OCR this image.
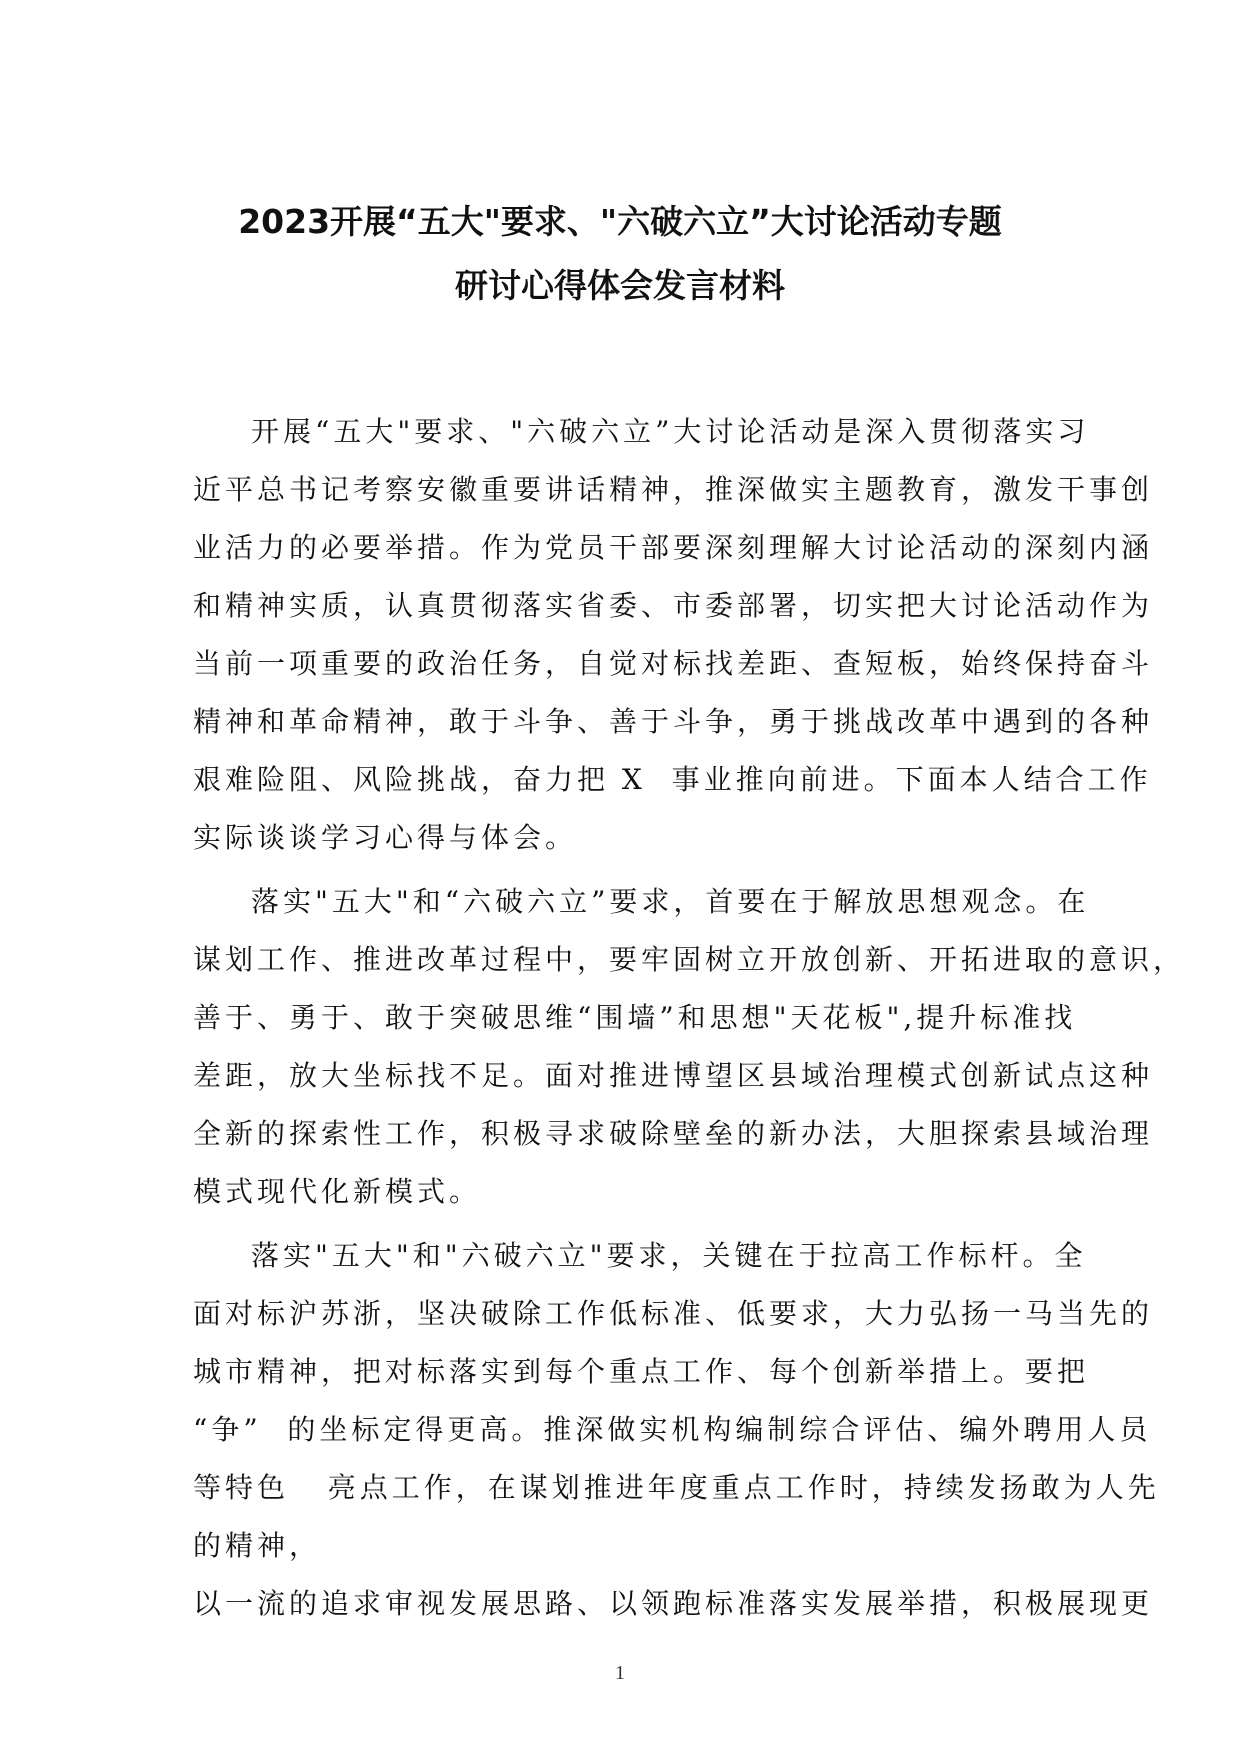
2023开展“五大"要求、"六破六立”大讨论活动专题
研讨心得体会发言材料
开展“五大"要求、"六破六立”大讨论活动是深入贯彻落实习
近平总书记考察安徽重要讲话精神，推深做实主题教育，激发干事创
业活力的必要举措。作为党员干部要深刻理解大讨论活动的深刻内涵
和精神实质，认真贯彻落实省委、市委部署，切实把大讨论活动作为
当前一项重要的政治任务，自觉对标找差距、查短板，始终保持奋斗
精神和革命精神，敢于斗争、善于斗争，勇于挑战改革中遇到的各种
艰难险阻、风险挑战，奋力把 X  事业推向前进。下面本人结合工作
实际谈谈学习心得与体会。
落实"五大"和“六破六立”要求，首要在于解放思想观念。在
谋划工作、推进改革过程中，要牢固树立开放创新、开拓进取的意识，
善于、勇于、敢于突破思维“围墙”和思想"天花板",提升标准找
差距，放大坐标找不足。面对推进博望区县域治理模式创新试点这种
全新的探索性工作，积极寻求破除壁垒的新办法，大胆探索县域治理
模式现代化新模式。
落实"五大"和"六破六立"要求，关键在于拉高工作标杆。全
面对标沪苏浙，坚决破除工作低标准、低要求，大力弘扬一马当先的
城市精神，把对标落实到每个重点工作、每个创新举措上。要把
“争”  的坐标定得更高。推深做实机构编制综合评估、编外聘用人员
等特色   亮点工作，在谋划推进年度重点工作时，持续发扬敢为人先
的精神，
以一流的追求审视发展思路、以领跑标准落实发展举措，积极展现更
1
